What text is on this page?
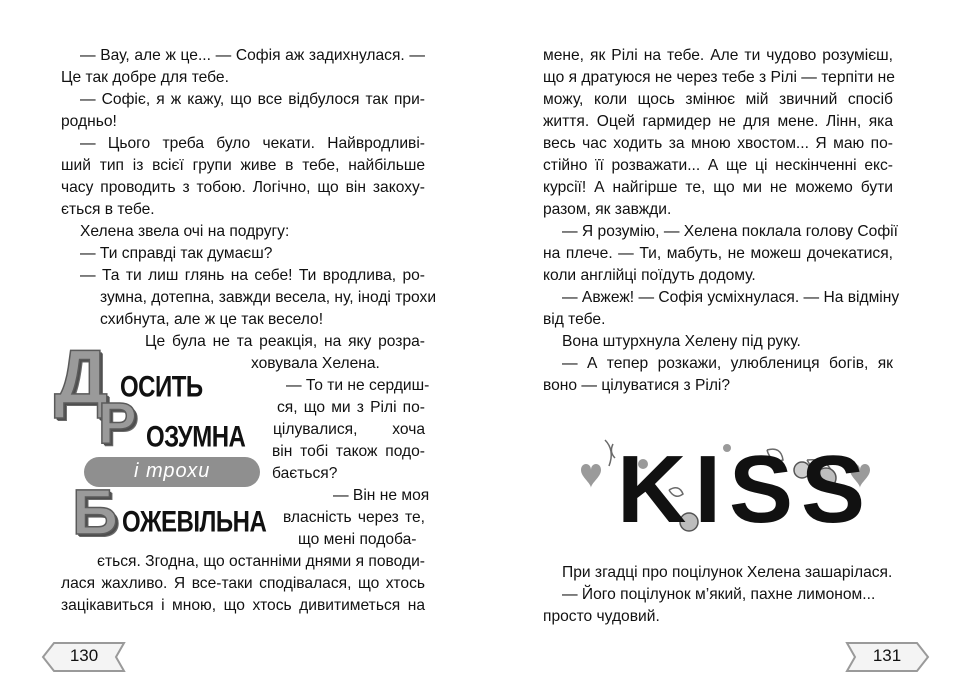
— Вау, але ж це... — Софія аж задихнулася. —
Це так добре для тебе.
— Софіє, я ж кажу, що все відбулося так при-
родньо!
— Цього треба було чекати. Найвродливі-
ший тип із всієї групи живе в тебе, найбільше
часу проводить з тобою. Логічно, що він закоху-
ється в тебе.
Хелена звела очі на подругу:
— Ти справді так думаєш?
— Та ти лиш глянь на себе! Ти вродлива, ро-
зумна, дотепна, завжди весела, ну, іноді трохи
схибнута, але ж це так весело!
Це була не та реакція, на яку розра-
ховувала Хелена.
— То ти не сердиш-
ся, що ми з Рілі по-
цілувалися, хоча
він тобі також подо-
бається?
— Він не моя
власність через те,
що мені подоба-
ється. Згодна, що останніми днями я поводи-
лася жахливо. Я все-таки сподівалася, що хтось
зацікавиться і мною, що хтось дивитиметься на
Д ОСИТЬ
Р ОЗУМНА
і трохи
Б ОЖЕВІЛЬНА
130
мене, як Рілі на тебе. Але ти чудово розумієш,
що я дратуюся не через тебе з Рілі — терпіти не
можу, коли щось змінює мій звичний спосіб
життя. Оцей гармидер не для мене. Лінн, яка
весь час ходить за мною хвостом... Я маю по-
стійно її розважати... А ще ці нескінченні екс-
курсії! А найгірше те, що ми не можемо бути
разом, як завжди.
— Я розумію, — Хелена поклала голову Софії
на плече. — Ти, мабуть, не можеш дочекатися,
коли англійці поїдуть додому.
— Авжеж! — Софія усміхнулася. — На відміну
від тебе.
Вона штурхнула Хелену під руку.
— А тепер розкажи, улюблениця богів, як
воно — цілуватися з Рілі?
При згадці про поцілунок Хелена зашарілася.
— Його поцілунок м’який, пахне лимоном...
просто чудовий.
131
KISS
